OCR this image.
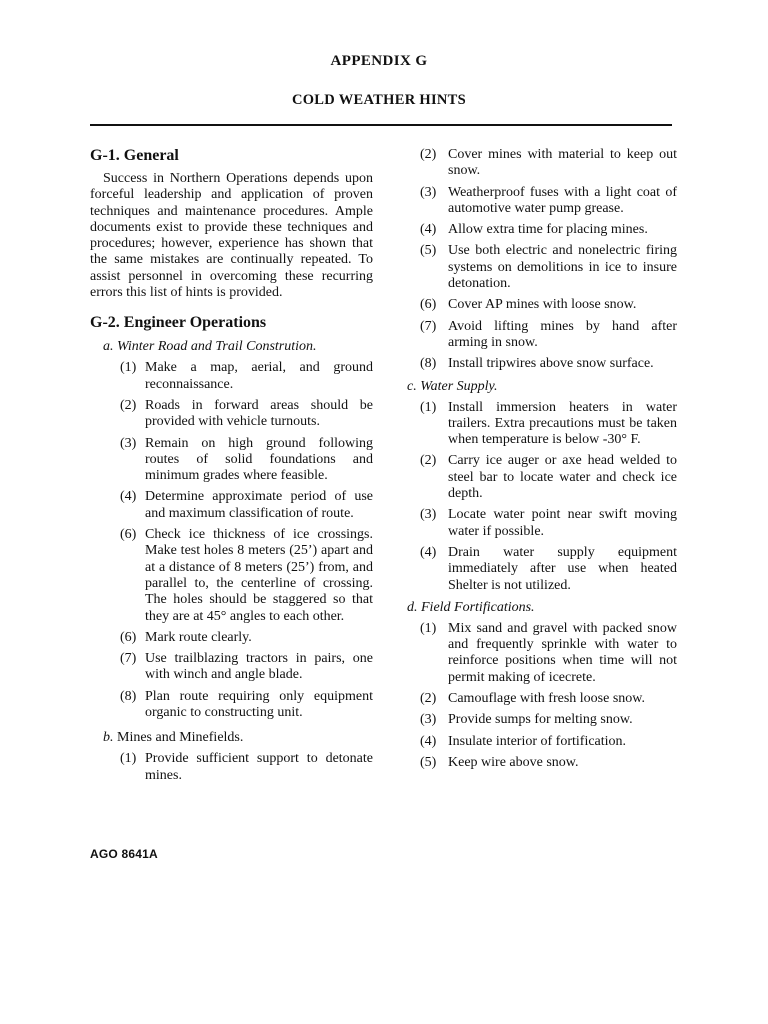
APPENDIX G
COLD WEATHER HINTS
G-1. General

Success in Northern Operations depends upon forceful leadership and application of proven techniques and maintenance procedures. Ample documents exist to provide these techniques and procedures; however, experience has shown that the same mistakes are continually repeated. To assist personnel in overcoming these recurring errors this list of hints is provided.

G-2. Engineer Operations
a. Winter Road and Trail Constrution.
(1) Make a map, aerial, and ground reconnaissance.
(2) Roads in forward areas should be provided with vehicle turnouts.
(3) Remain on high ground following routes of solid foundations and minimum grades where feasible.
(4) Determine approximate period of use and maximum classification of route.
(6) Check ice thickness of ice crossings. Make test holes 8 meters (25’) apart and at a distance of 8 meters (25’) from, and parallel to, the centerline of crossing. The holes should be staggered so that they are at 45° angles to each other.
(6) Mark route clearly.
(7) Use trailblazing tractors in pairs, one with winch and angle blade.
(8) Plan route requiring only equipment organic to constructing unit.
b. Mines and Minefields.
(1) Provide sufficient support to detonate mines.
(2) Cover mines with material to keep out snow.
(3) Weatherproof fuses with a light coat of automotive water pump grease.
(4) Allow extra time for placing mines.
(5) Use both electric and nonelectric firing systems on demolitions in ice to insure detonation.
(6) Cover AP mines with loose snow.
(7) Avoid lifting mines by hand after arming in snow.
(8) Install tripwires above snow surface.
c. Water Supply.
(1) Install immersion heaters in water trailers. Extra precautions must be taken when temperature is below -30° F.
(2) Carry ice auger or axe head welded to steel bar to locate water and check ice depth.
(3) Locate water point near swift moving water if possible.
(4) Drain water supply equipment immediately after use when heated Shelter is not utilized.
d. Field Fortifications.
(1) Mix sand and gravel with packed snow and frequently sprinkle with water to reinforce positions when time will not permit making of icecrete.
(2) Camouflage with fresh loose snow.
(3) Provide sumps for melting snow.
(4) Insulate interior of fortification.
(5) Keep wire above snow.
AGO 8641A
